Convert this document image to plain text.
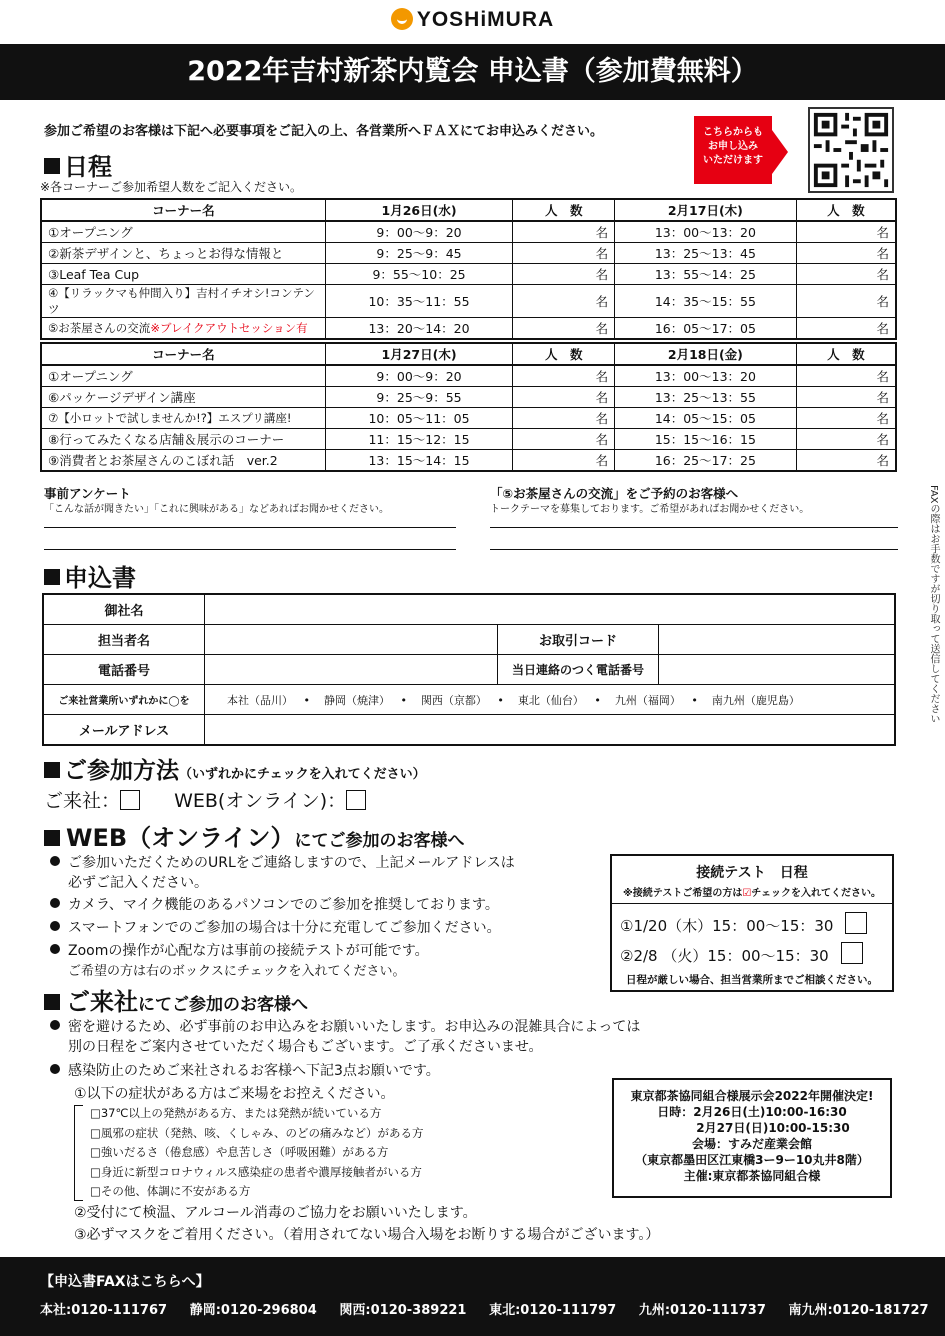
YOSHiMURA
2022年吉村新茶内覧会 申込書（参加費無料）
参加ご希望のお客様は下記へ必要事項をご記入の上、各営業所へＦＡＸにてお申込みください。	こちらからも
お申し込み
いただけます
日程
※各コーナーご参加希望人数をご記入ください。
コーナー名	1月26日(水)	人　数	2月17日(木)	人　数
①オープニング	9：00〜9：20	名	13：00〜13：20	名
②新茶デザインと、ちょっとお得な情報と	9：25〜9：45	名	13：25〜13：45	名
③Leaf Tea Cup	9：55〜10：25	名	13：55〜14：25	名
④【リラックマも仲間入り】吉村イチオシ!コンテンツ	10：35〜11：55	名	14：35〜15：55	名
⑤お茶屋さんの交流※ブレイクアウトセッション有	13：20〜14：20	名	16：05〜17：05	名
コーナー名	1月27日(木)	人　数	2月18日(金)	人　数
①オープニング	9：00〜9：20	名	13：00〜13：20	名
⑥パッケージデザイン講座	9：25〜9：55	名	13：25〜13：55	名
⑦【小ロットで試しませんか!?】エスプリ講座!	10：05〜11：05	名	14：05〜15：05	名
⑧行ってみたくなる店舗＆展示のコーナー	11：15〜12：15	名	15：15〜16：15	名
⑨消費者とお茶屋さんのこぼれ話　ver.2	13：15〜14：15	名	16：25〜17：25	名
事前アンケート
「こんな話が聞きたい」「これに興味がある」などあればお聞かせください。
「⑤お茶屋さんの交流」をご予約のお客様へ
トークテーマを募集しております。ご希望があればお聞かせください。
申込書
御社名			
担当者名		お取引コード	
電話番号		当日連絡のつく電話番号	
ご来社営業所いずれかに◯を	本社（品川）   •    静岡（焼津）   •    関西（京都）   •    東北（仙台）   •    九州（福岡）   •    南九州（鹿児島）		
メールアドレス			
ご参加方法（いずれかにチェックを入れてください）
ご来社：	WEB(オンライン)：
WEB（オンライン）にてご参加のお客様へ
ご参加いただくためのURLをご連絡しますので、上記メールアドレスは
必ずご記入ください。
カメラ、マイク機能のあるパソコンでのご参加を推奨しております。
スマートフォンでのご参加の場合は十分に充電してご参加ください。
Zoomの操作が心配な方は事前の接続テストが可能です。
ご希望の方は右のボックスにチェックを入れてください。
接続テスト　日程
※接続テストご希望の方は☑チェックを入れてください。
①1/20（木）15：00〜15：30
②2/8 （火）15：00〜15：30
日程が厳しい場合、担当営業所までご相談ください。
ご来社にてご参加のお客様へ
密を避けるため、必ず事前のお申込みをお願いいたします。お申込みの混雑具合によっては
別の日程をご案内させていただく場合もございます。ご了承くださいませ。
感染防止のためご来社されるお客様へ下記3点お願いです。
①以下の症状がある方はご来場をお控えください。
□37℃以上の発熱がある方、または発熱が続いている方
□風邪の症状（発熱、咳、くしゃみ、のどの痛みなど）がある方
□強いだるさ（倦怠感）や息苦しさ（呼吸困難）がある方
□身近に新型コロナウィルス感染症の患者や濃厚接触者がいる方
□その他、体調に不安がある方
②受付にて検温、アルコール消毒のご協力をお願いいたします。
③必ずマスクをご着用ください。（着用されてない場合入場をお断りする場合がございます。）
東京都茶協同組合様展示会2022年開催決定!
日時：2月26日(土)10:00-16:30
2月27日(日)10:00-15:30
会場：すみだ産業会館
（東京都墨田区江東橋3ー9ー10丸井8階）
主催:東京都茶協同組合様
FAXの際はお手数ですが切り取って送信してください
【申込書FAXはこちらへ】
本社:0120-111767 静岡:0120-296804 関西:0120-389221 東北:0120-111797 九州:0120-111737 南九州:0120-181727
